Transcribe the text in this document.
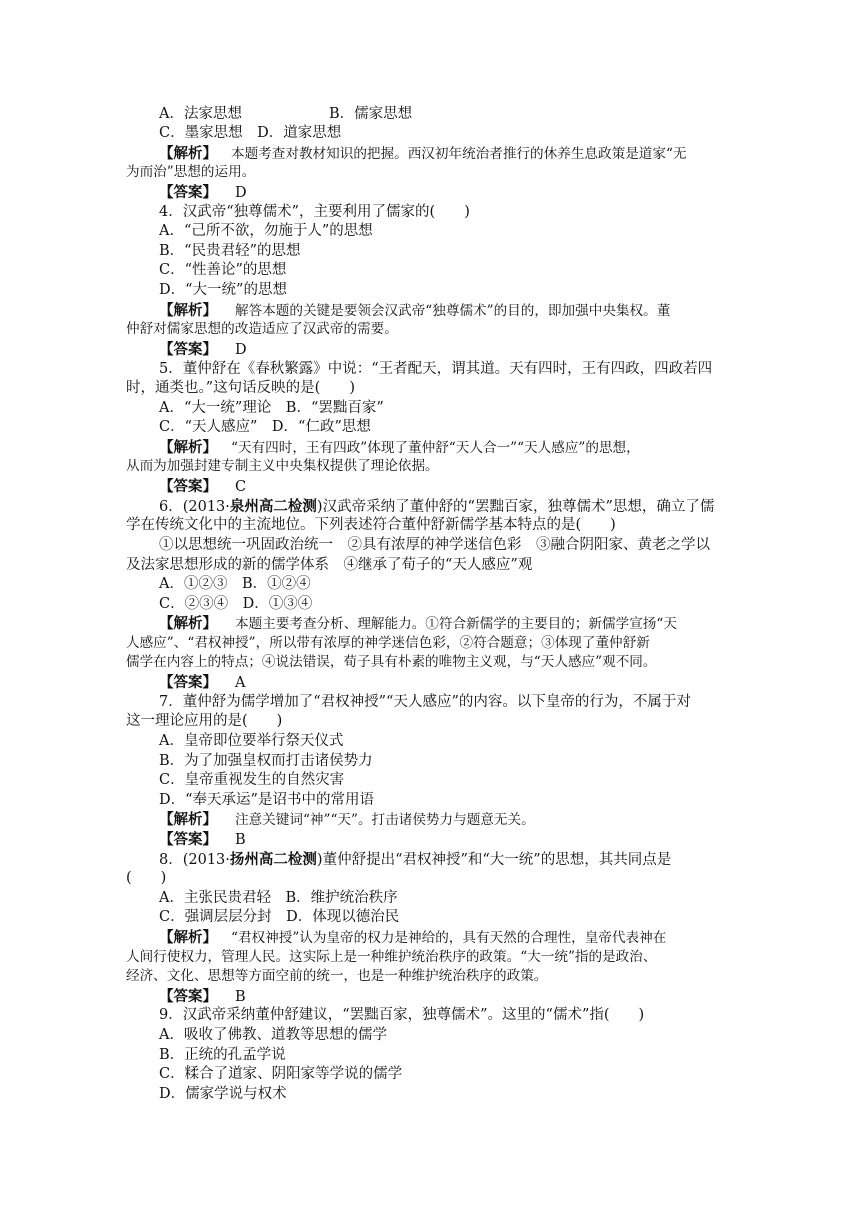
A．法家思想　　　　　　B．儒家思想
C．墨家思想　D．道家思想
【解析】 本题考查对教材知识的把握。西汉初年统治者推行的休养生息政策是道家“无
为而治”思想的运用。
【答案】 D
4．汉武帝“独尊儒术”，主要利用了儒家的(　　)
A．“己所不欲，勿施于人”的思想
B．“民贵君轻”的思想
C．“性善论”的思想
D．“大一统”的思想
【解析】 解答本题的关键是要领会汉武帝“独尊儒术”的目的，即加强中央集权。董
仲舒对儒家思想的改造适应了汉武帝的需要。
【答案】 D
5．董仲舒在《春秋繁露》中说：“王者配天，谓其道。天有四时，王有四政，四政若四
时，通类也。”这句话反映的是(　　)
A．“大一统”理论　B．“罢黜百家”
C．“天人感应”　D．“仁政”思想
【解析】 “天有四时，王有四政”体现了董仲舒“天人合一”“天人感应”的思想，
从而为加强封建专制主义中央集权提供了理论依据。
【答案】 C
6．(2013·泉州高二检测)汉武帝采纳了董仲舒的“罢黜百家，独尊儒术”思想，确立了儒
学在传统文化中的主流地位。下列表述符合董仲舒新儒学基本特点的是(　　)
①以思想统一巩固政治统一　②具有浓厚的神学迷信色彩　③融合阴阳家、黄老之学以
及法家思想形成的新的儒学体系　④继承了荀子的“天人感应”观
A．①②③　B．①②④
C．②③④　D．①③④
【解析】 本题主要考查分析、理解能力。①符合新儒学的主要目的；新儒学宣扬“天
人感应”、“君权神授”，所以带有浓厚的神学迷信色彩，②符合题意；③体现了董仲舒新
儒学在内容上的特点；④说法错误，荀子具有朴素的唯物主义观，与“天人感应”观不同。
【答案】 A
7．董仲舒为儒学增加了“君权神授”“天人感应”的内容。以下皇帝的行为，不属于对
这一理论应用的是(　　)
A．皇帝即位要举行祭天仪式
B．为了加强皇权而打击诸侯势力
C．皇帝重视发生的自然灾害
D．“奉天承运”是诏书中的常用语
【解析】 注意关键词“神”“天”。打击诸侯势力与题意无关。
【答案】 B
8．(2013·扬州高二检测)董仲舒提出“君权神授”和“大一统”的思想，其共同点是
(　　)
A．主张民贵君轻　B．维护统治秩序
C．强调层层分封　D．体现以德治民
【解析】 “君权神授”认为皇帝的权力是神给的，具有天然的合理性，皇帝代表神在
人间行使权力，管理人民。这实际上是一种维护统治秩序的政策。“大一统”指的是政治、
经济、文化、思想等方面空前的统一，也是一种维护统治秩序的政策。
【答案】 B
9．汉武帝采纳董仲舒建议，“罢黜百家，独尊儒术”。这里的“儒术”指(　　)
A．吸收了佛教、道教等思想的儒学
B．正统的孔孟学说
C．糅合了道家、阴阳家等学说的儒学
D．儒家学说与权术
